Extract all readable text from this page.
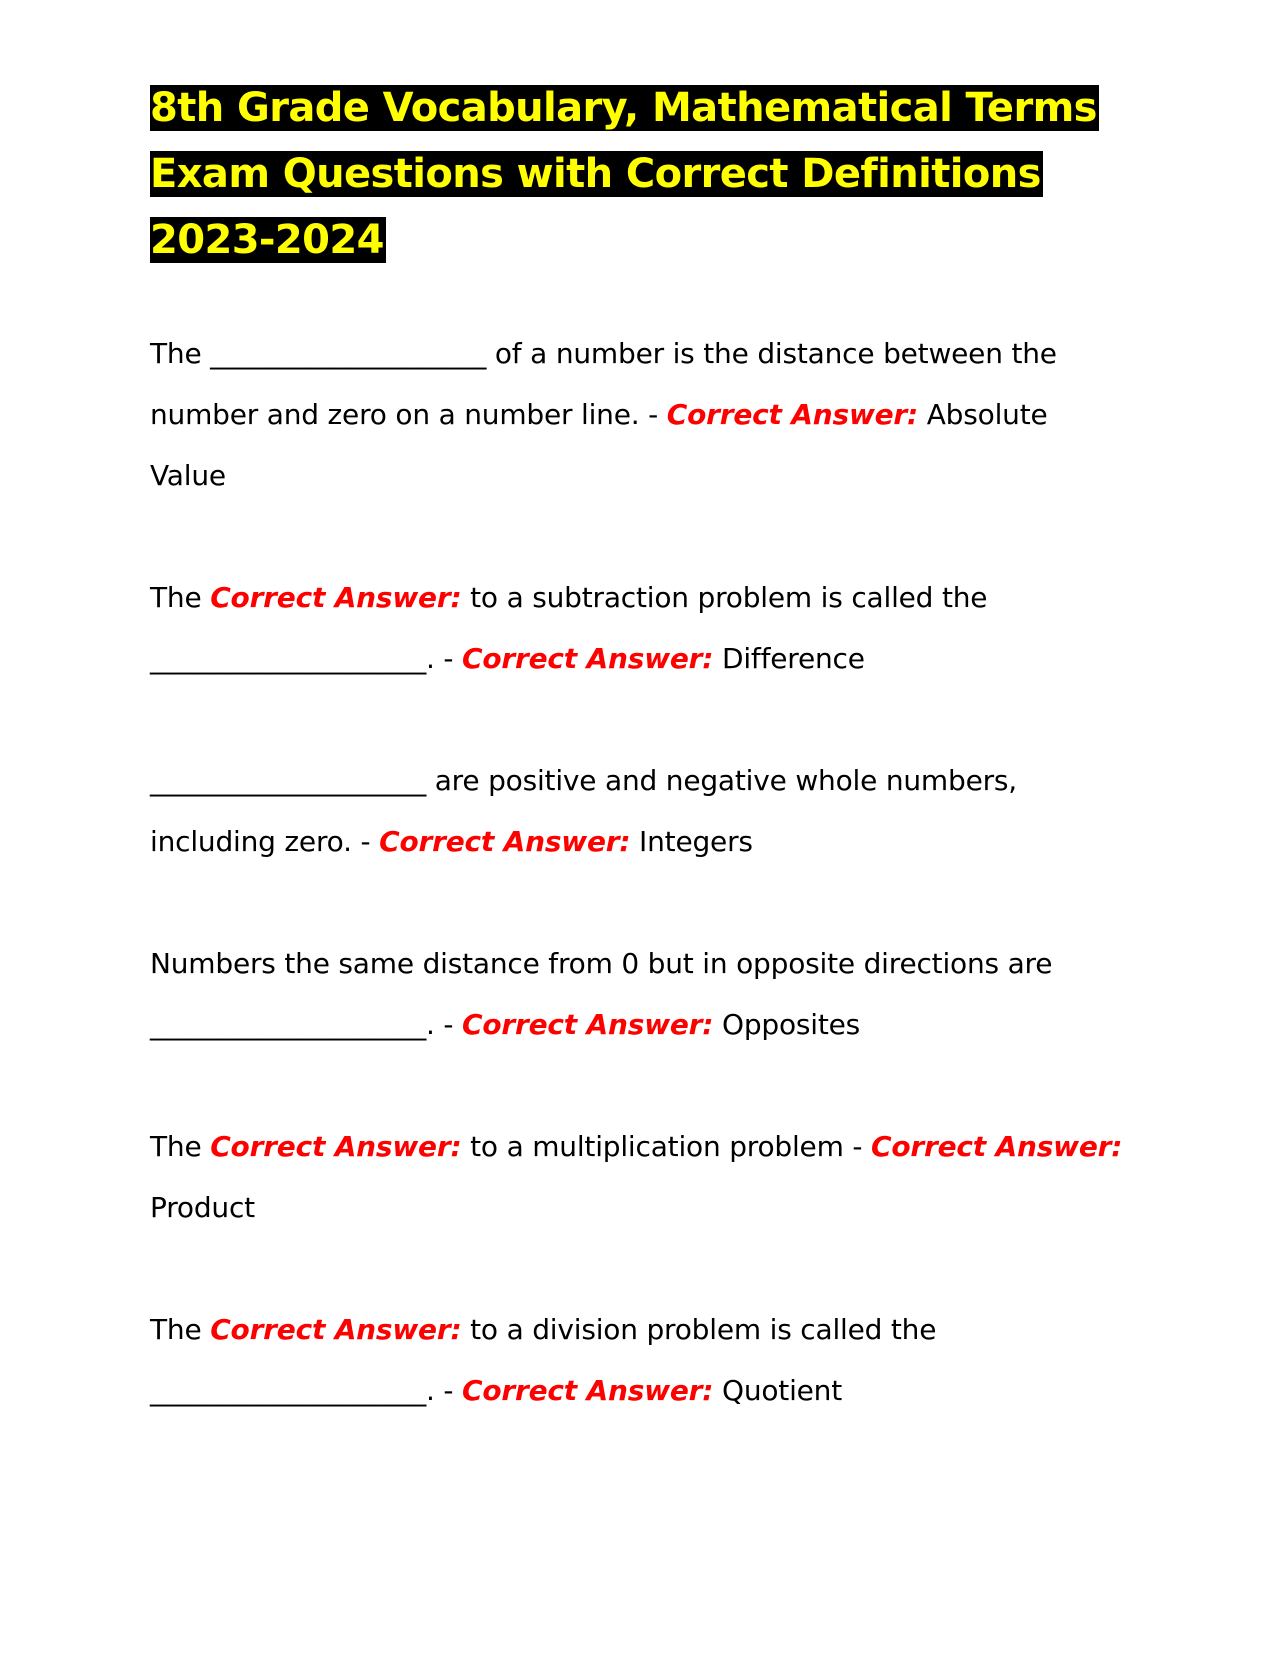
8th Grade Vocabulary, Mathematical Terms
Exam Questions with Correct Definitions
2023-2024

The ____________________ of a number is the distance between the number and zero on a number line. - Correct Answer: Absolute Value

The Correct Answer: to a subtraction problem is called the ____________________. - Correct Answer: Difference

____________________ are positive and negative whole numbers, including zero. - Correct Answer: Integers

Numbers the same distance from 0 but in opposite directions are ____________________. - Correct Answer: Opposites

The Correct Answer: to a multiplication problem - Correct Answer: Product

The Correct Answer: to a division problem is called the ____________________. - Correct Answer: Quotient
